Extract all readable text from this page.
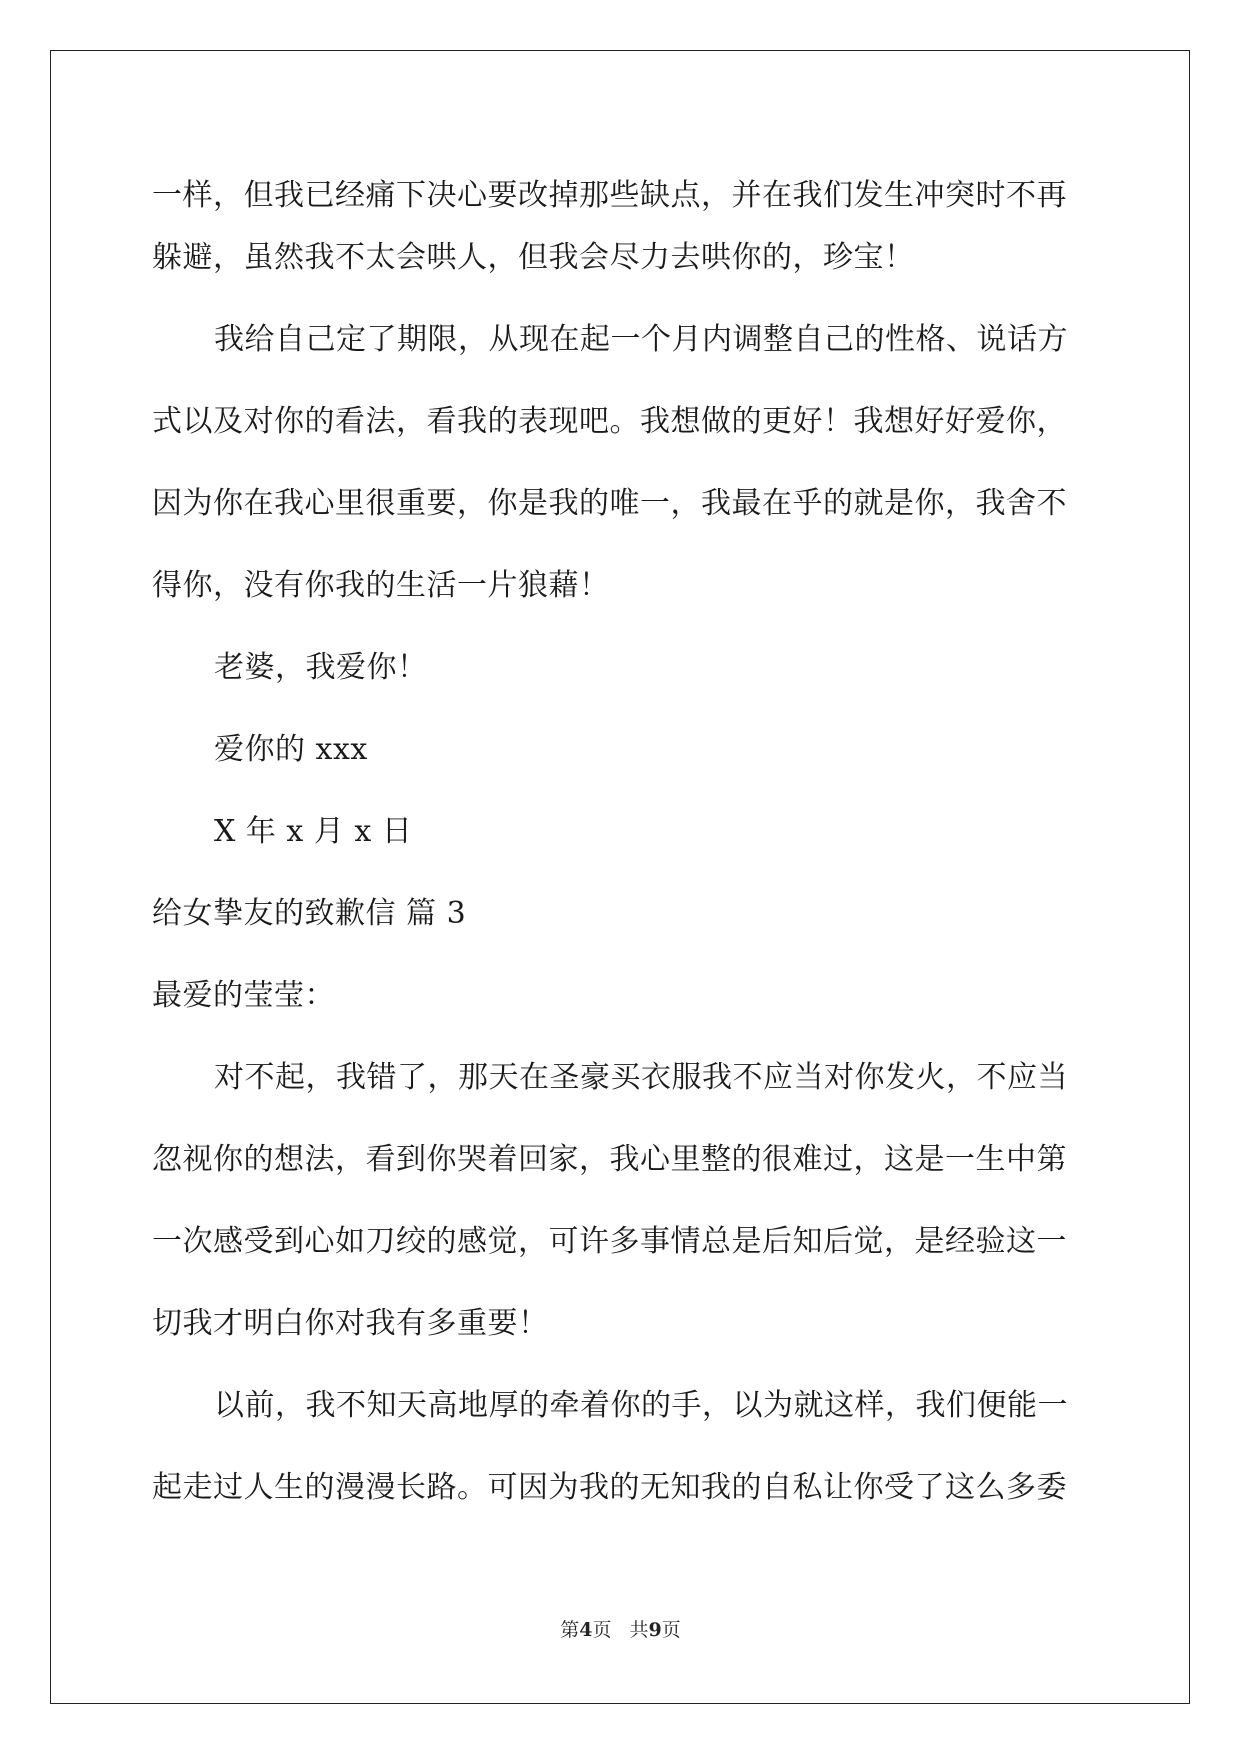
一样，但我已经痛下决心要改掉那些缺点，并在我们发生冲突时不再
躲避，虽然我不太会哄人，但我会尽力去哄你的，珍宝！
我给自己定了期限，从现在起一个月内调整自己的性格、说话方
式以及对你的看法，看我的表现吧。我想做的更好！我想好好爱你，
因为你在我心里很重要，你是我的唯一，我最在乎的就是你，我舍不
得你，没有你我的生活一片狼藉！
老婆，我爱你！
爱你的 xxx
X 年 x 月 x 日
给女挚友的致歉信 篇 3
最爱的莹莹：
对不起，我错了，那天在圣豪买衣服我不应当对你发火，不应当
忽视你的想法，看到你哭着回家，我心里整的很难过，这是一生中第
一次感受到心如刀绞的感觉，可许多事情总是后知后觉，是经验这一
切我才明白你对我有多重要！
以前，我不知天高地厚的牵着你的手，以为就这样，我们便能一
起走过人生的漫漫长路。可因为我的无知我的自私让你受了这么多委
第4页 共9页
